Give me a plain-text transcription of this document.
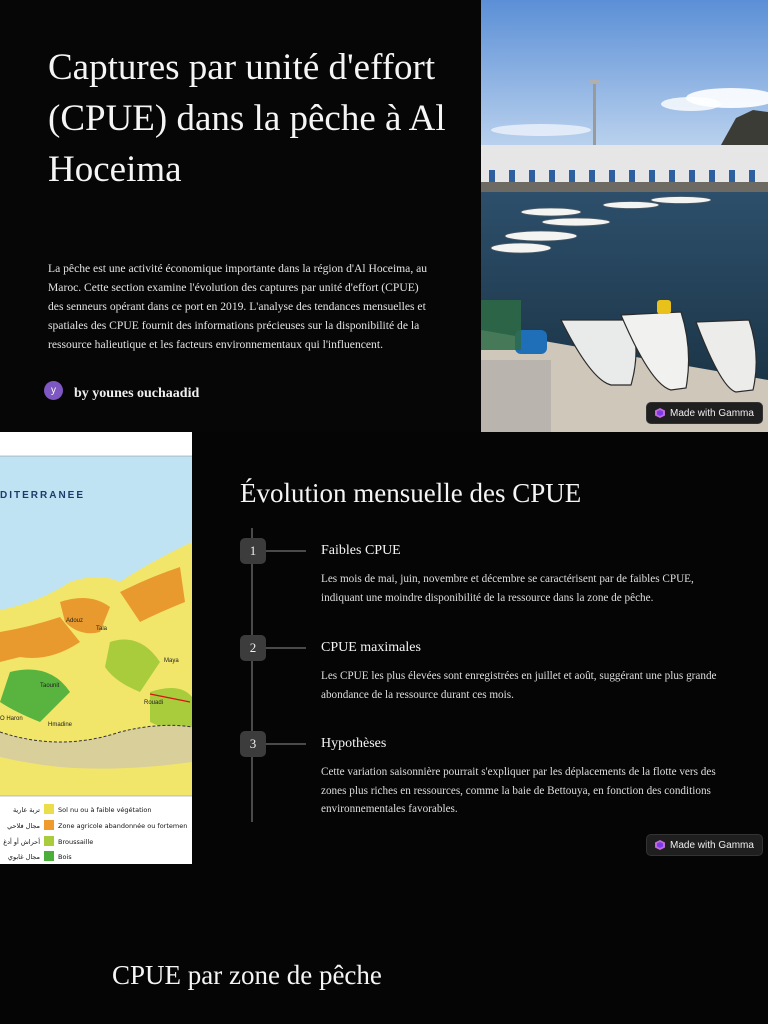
Captures par unité d'effort (CPUE) dans la pêche à Al Hoceima

La pêche est une activité économique importante dans la région d'Al Hoceima, au Maroc. Cette section examine l'évolution des captures par unité d'effort (CPUE) des senneurs opérant dans ce port en 2019. L'analyse des tendances mensuelles et spatiales des CPUE fournit des informations précieuses sur la disponibilité de la ressource halieutique et les facteurs environnementaux qui l'influencent.

y	by younes ouchaadid
Made with Gamma
DITERRANEE
Adouz
Taounit
Rouadi
Maya
O Haron
Hmadine
Tala
تربة عارية	Sol nu ou à faible végétation
مجال فلاحي	Zone agricole abandonnée ou fortemen
أحراش أو أدغ	Broussaille
مجال غابوي	Bois
Évolution mensuelle des CPUE
1	Faibles CPUE
Les mois de mai, juin, novembre et décembre se caractérisent par de faibles CPUE, indiquant une moindre disponibilité de la ressource dans la zone de pêche.
2	CPUE maximales
Les CPUE les plus élevées sont enregistrées en juillet et août, suggérant une plus grande abondance de la ressource durant ces mois.
3	Hypothèses
Cette variation saisonnière pourrait s'expliquer par les déplacements de la flotte vers des zones plus riches en ressources, comme la baie de Bettouya, en fonction des conditions environnementales favorables.
Made with Gamma
CPUE par zone de pêche
